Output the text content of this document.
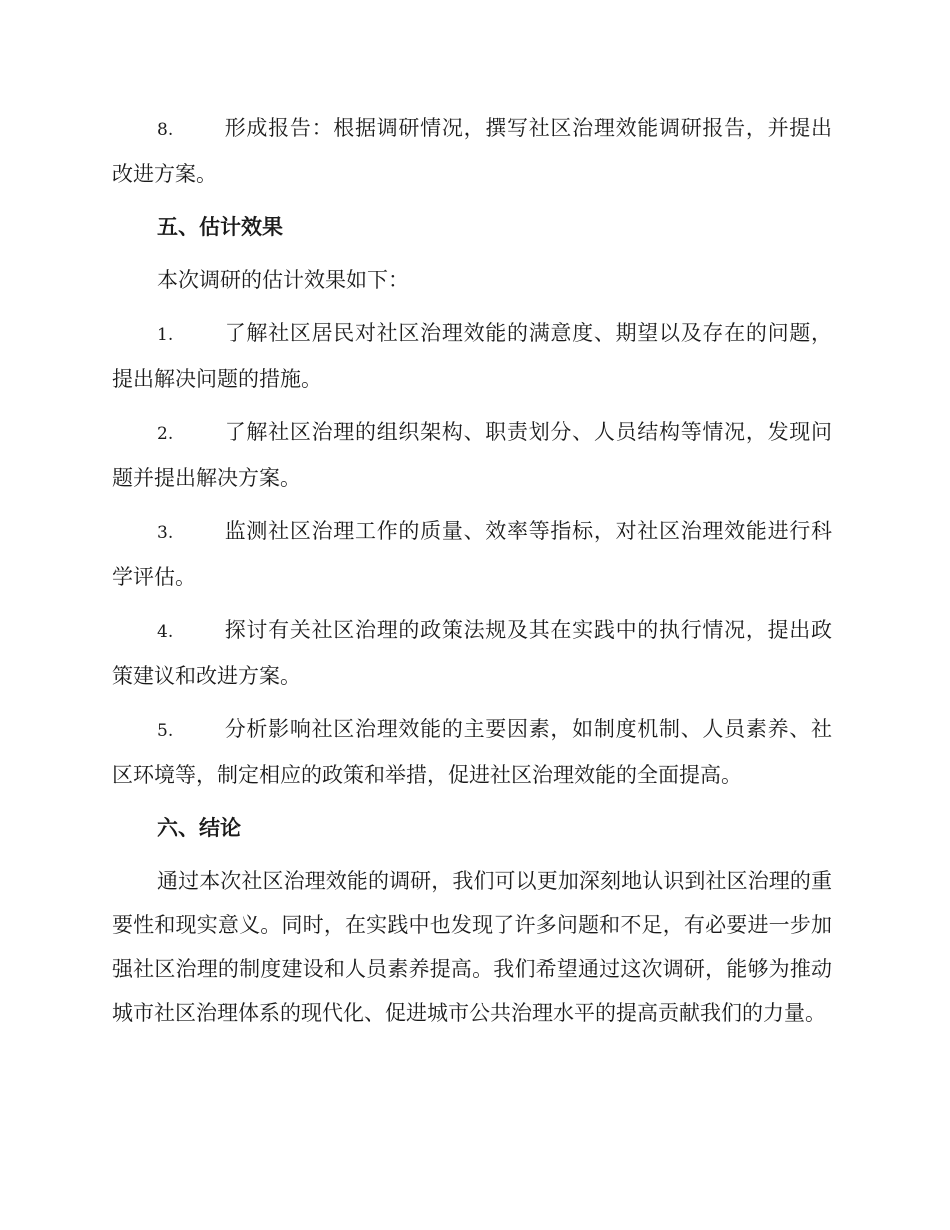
8. 形成报告：根据调研情况，撰写社区治理效能调研报告，并提出改进方案。

五、估计效果

本次调研的估计效果如下：

1. 了解社区居民对社区治理效能的满意度、期望以及存在的问题，提出解决问题的措施。

2. 了解社区治理的组织架构、职责划分、人员结构等情况，发现问题并提出解决方案。

3. 监测社区治理工作的质量、效率等指标，对社区治理效能进行科学评估。

4. 探讨有关社区治理的政策法规及其在实践中的执行情况，提出政策建议和改进方案。

5. 分析影响社区治理效能的主要因素，如制度机制、人员素养、社区环境等，制定相应的政策和举措，促进社区治理效能的全面提高。

六、结论

通过本次社区治理效能的调研，我们可以更加深刻地认识到社区治理的重要性和现实意义。同时，在实践中也发现了许多问题和不足，有必要进一步加强社区治理的制度建设和人员素养提高。我们希望通过这次调研，能够为推动城市社区治理体系的现代化、促进城市公共治理水平的提高贡献我们的力量。
